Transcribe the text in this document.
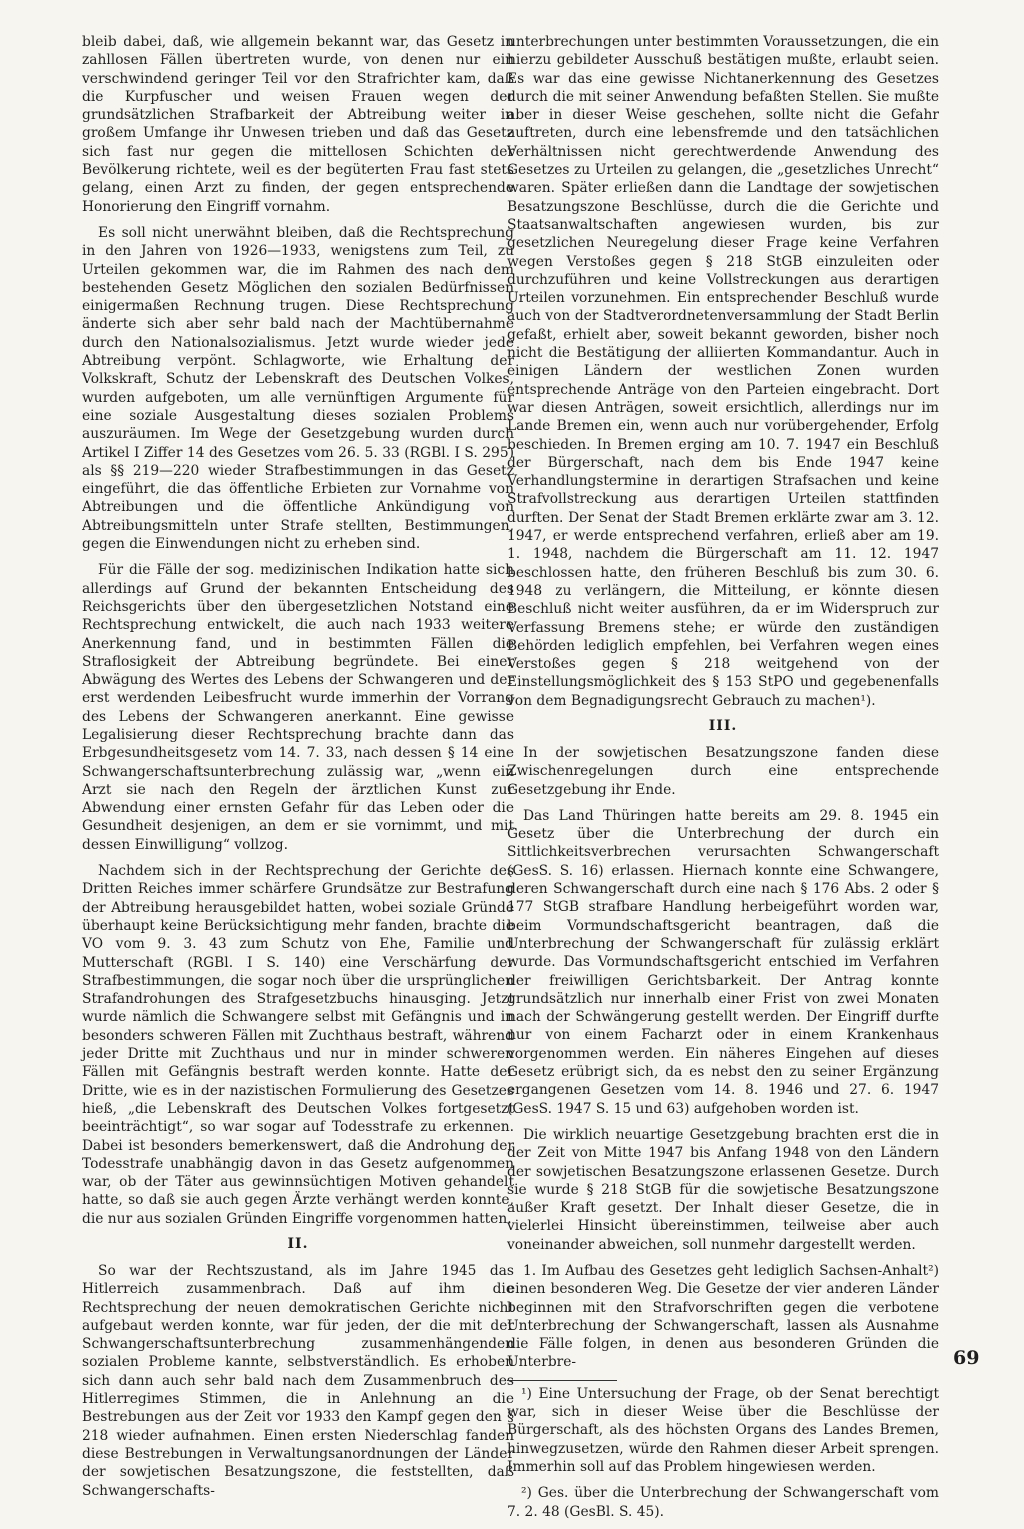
bleib dabei, daß, wie allgemein bekannt war, das Gesetz in zahllosen Fällen übertreten wurde, von denen nur ein verschwindend geringer Teil vor den Strafrichter kam, daß die Kurpfuscher und weisen Frauen wegen der grundsätzlichen Strafbarkeit der Abtreibung weiter in großem Umfange ihr Unwesen trieben und daß das Gesetz sich fast nur gegen die mittellosen Schichten der Bevölkerung richtete, weil es der begüterten Frau fast stets gelang, einen Arzt zu finden, der gegen entsprechende Honorierung den Eingriff vornahm.

Es soll nicht unerwähnt bleiben, daß die Rechtsprechung in den Jahren von 1926—1933, wenigstens zum Teil, zu Urteilen gekommen war, die im Rahmen des nach dem bestehenden Gesetz Möglichen den sozialen Bedürfnissen einigermaßen Rechnung trugen. Diese Rechtsprechung änderte sich aber sehr bald nach der Machtübernahme durch den Nationalsozialismus. Jetzt wurde wieder jede Abtreibung verpönt. Schlagworte, wie Erhaltung der Volkskraft, Schutz der Lebenskraft des Deutschen Volkes, wurden aufgeboten, um alle vernünftigen Argumente für eine soziale Ausgestaltung dieses sozialen Problems auszuräumen. Im Wege der Gesetzgebung wurden durch Artikel I Ziffer 14 des Gesetzes vom 26. 5. 33 (RGBl. I S. 295) als §§ 219—220 wieder Strafbestimmungen in das Gesetz eingeführt, die das öffentliche Erbieten zur Vornahme von Abtreibungen und die öffentliche Ankündigung von Abtreibungsmitteln unter Strafe stellten, Bestimmungen, gegen die Einwendungen nicht zu erheben sind.

Für die Fälle der sog. medizinischen Indikation hatte sich allerdings auf Grund der bekannten Entscheidung des Reichsgerichts über den übergesetzlichen Notstand eine Rechtsprechung entwickelt, die auch nach 1933 weitere Anerkennung fand, und in bestimmten Fällen die Straflosigkeit der Abtreibung begründete. Bei einer Abwägung des Wertes des Lebens der Schwangeren und der erst werdenden Leibesfrucht wurde immerhin der Vorrang des Lebens der Schwangeren anerkannt. Eine gewisse Legalisierung dieser Rechtsprechung brachte dann das Erbgesundheitsgesetz vom 14. 7. 33, nach dessen § 14 eine Schwangerschaftsunterbrechung zulässig war, „wenn ein Arzt sie nach den Regeln der ärztlichen Kunst zur Abwendung einer ernsten Gefahr für das Leben oder die Gesundheit desjenigen, an dem er sie vornimmt, und mit dessen Einwilligung“ vollzog.

Nachdem sich in der Rechtsprechung der Gerichte des Dritten Reiches immer schärfere Grundsätze zur Bestrafung der Abtreibung herausgebildet hatten, wobei soziale Gründe überhaupt keine Berücksichtigung mehr fanden, brachte die VO vom 9. 3. 43 zum Schutz von Ehe, Familie und Mutterschaft (RGBl. I S. 140) eine Verschärfung der Strafbestimmungen, die sogar noch über die ursprünglichen Strafandrohungen des Strafgesetzbuchs hinausging. Jetzt wurde nämlich die Schwangere selbst mit Gefängnis und in besonders schweren Fällen mit Zuchthaus bestraft, während jeder Dritte mit Zuchthaus und nur in minder schweren Fällen mit Gefängnis bestraft werden konnte. Hatte der Dritte, wie es in der nazistischen Formulierung des Gesetzes hieß, „die Lebenskraft des Deutschen Volkes fortgesetzt beeinträchtigt“, so war sogar auf Todesstrafe zu erkennen. Dabei ist besonders bemerkenswert, daß die Androhung der Todesstrafe unabhängig davon in das Gesetz aufgenommen war, ob der Täter aus gewinnsüchtigen Motiven gehandelt hatte, so daß sie auch gegen Ärzte verhängt werden konnte, die nur aus sozialen Gründen Eingriffe vorgenommen hatten.

II.

So war der Rechtszustand, als im Jahre 1945 das Hitlerreich zusammenbrach. Daß auf ihm die Rechtsprechung der neuen demokratischen Gerichte nicht aufgebaut werden konnte, war für jeden, der die mit der Schwangerschaftsunterbrechung zusammenhängenden sozialen Probleme kannte, selbstverständlich. Es erhoben sich dann auch sehr bald nach dem Zusammenbruch des Hitlerregimes Stimmen, die in Anlehnung an die Bestrebungen aus der Zeit vor 1933 den Kampf gegen den § 218 wieder aufnahmen. Einen ersten Niederschlag fanden diese Bestrebungen in Verwaltungsanordnungen der Länder der sowjetischen Besatzungszone, die feststellten, daß Schwangerschafts-

unterbrechungen unter bestimmten Voraussetzungen, die ein hierzu gebildeter Ausschuß bestätigen mußte, erlaubt seien. Es war das eine gewisse Nichtanerkennung des Gesetzes durch die mit seiner Anwendung befaßten Stellen. Sie mußte aber in dieser Weise geschehen, sollte nicht die Gefahr auftreten, durch eine lebensfremde und den tatsächlichen Verhältnissen nicht gerechtwerdende Anwendung des Gesetzes zu Urteilen zu gelangen, die „gesetzliches Unrecht“ waren. Später erließen dann die Landtage der sowjetischen Besatzungszone Beschlüsse, durch die die Gerichte und Staatsanwaltschaften angewiesen wurden, bis zur gesetzlichen Neuregelung dieser Frage keine Verfahren wegen Verstoßes gegen § 218 StGB einzuleiten oder durchzuführen und keine Vollstreckungen aus derartigen Urteilen vorzunehmen. Ein entsprechender Beschluß wurde auch von der Stadtverordnetenversammlung der Stadt Berlin gefaßt, erhielt aber, soweit bekannt geworden, bisher noch nicht die Bestätigung der alliierten Kommandantur. Auch in einigen Ländern der westlichen Zonen wurden entsprechende Anträge von den Parteien eingebracht. Dort war diesen Anträgen, soweit ersichtlich, allerdings nur im Lande Bremen ein, wenn auch nur vorübergehender, Erfolg beschieden. In Bremen erging am 10. 7. 1947 ein Beschluß der Bürgerschaft, nach dem bis Ende 1947 keine Verhandlungstermine in derartigen Strafsachen und keine Strafvollstreckung aus derartigen Urteilen stattfinden durften. Der Senat der Stadt Bremen erklärte zwar am 3. 12. 1947, er werde entsprechend verfahren, erließ aber am 19. 1. 1948, nachdem die Bürgerschaft am 11. 12. 1947 beschlossen hatte, den früheren Beschluß bis zum 30. 6. 1948 zu verlängern, die Mitteilung, er könnte diesen Beschluß nicht weiter ausführen, da er im Widerspruch zur Verfassung Bremens stehe; er würde den zuständigen Behörden lediglich empfehlen, bei Verfahren wegen eines Verstoßes gegen § 218 weitgehend von der Einstellungsmöglichkeit des § 153 StPO und gegebenenfalls von dem Begnadigungsrecht Gebrauch zu machen¹).

III.

In der sowjetischen Besatzungszone fanden diese Zwischenregelungen durch eine entsprechende Gesetzgebung ihr Ende.

Das Land Thüringen hatte bereits am 29. 8. 1945 ein Gesetz über die Unterbrechung der durch ein Sittlichkeitsverbrechen verursachten Schwangerschaft (GesS. S. 16) erlassen. Hiernach konnte eine Schwangere, deren Schwangerschaft durch eine nach § 176 Abs. 2 oder § 177 StGB strafbare Handlung herbeigeführt worden war, beim Vormundschaftsgericht beantragen, daß die Unterbrechung der Schwangerschaft für zulässig erklärt wurde. Das Vormundschaftsgericht entschied im Verfahren der freiwilligen Gerichtsbarkeit. Der Antrag konnte grundsätzlich nur innerhalb einer Frist von zwei Monaten nach der Schwängerung gestellt werden. Der Eingriff durfte nur von einem Facharzt oder in einem Krankenhaus vorgenommen werden. Ein näheres Eingehen auf dieses Gesetz erübrigt sich, da es nebst den zu seiner Ergänzung ergangenen Gesetzen vom 14. 8. 1946 und 27. 6. 1947 (GesS. 1947 S. 15 und 63) aufgehoben worden ist.

Die wirklich neuartige Gesetzgebung brachten erst die in der Zeit von Mitte 1947 bis Anfang 1948 von den Ländern der sowjetischen Besatzungszone erlassenen Gesetze. Durch sie wurde § 218 StGB für die sowjetische Besatzungszone außer Kraft gesetzt. Der Inhalt dieser Gesetze, die in vielerlei Hinsicht übereinstimmen, teilweise aber auch voneinander abweichen, soll nunmehr dargestellt werden.

1. Im Aufbau des Gesetzes geht lediglich Sachsen-Anhalt²) einen besonderen Weg. Die Gesetze der vier anderen Länder beginnen mit den Strafvorschriften gegen die verbotene Unterbrechung der Schwangerschaft, lassen als Ausnahme die Fälle folgen, in denen aus besonderen Gründen die Unterbre-

¹) Eine Untersuchung der Frage, ob der Senat berechtigt war, sich in dieser Weise über die Beschlüsse der Bürgerschaft, als des höchsten Organs des Landes Bremen, hinwegzusetzen, würde den Rahmen dieser Arbeit sprengen. Immerhin soll auf das Problem hingewiesen werden.

²) Ges. über die Unterbrechung der Schwangerschaft vom 7. 2. 48 (GesBl. S. 45).

69
